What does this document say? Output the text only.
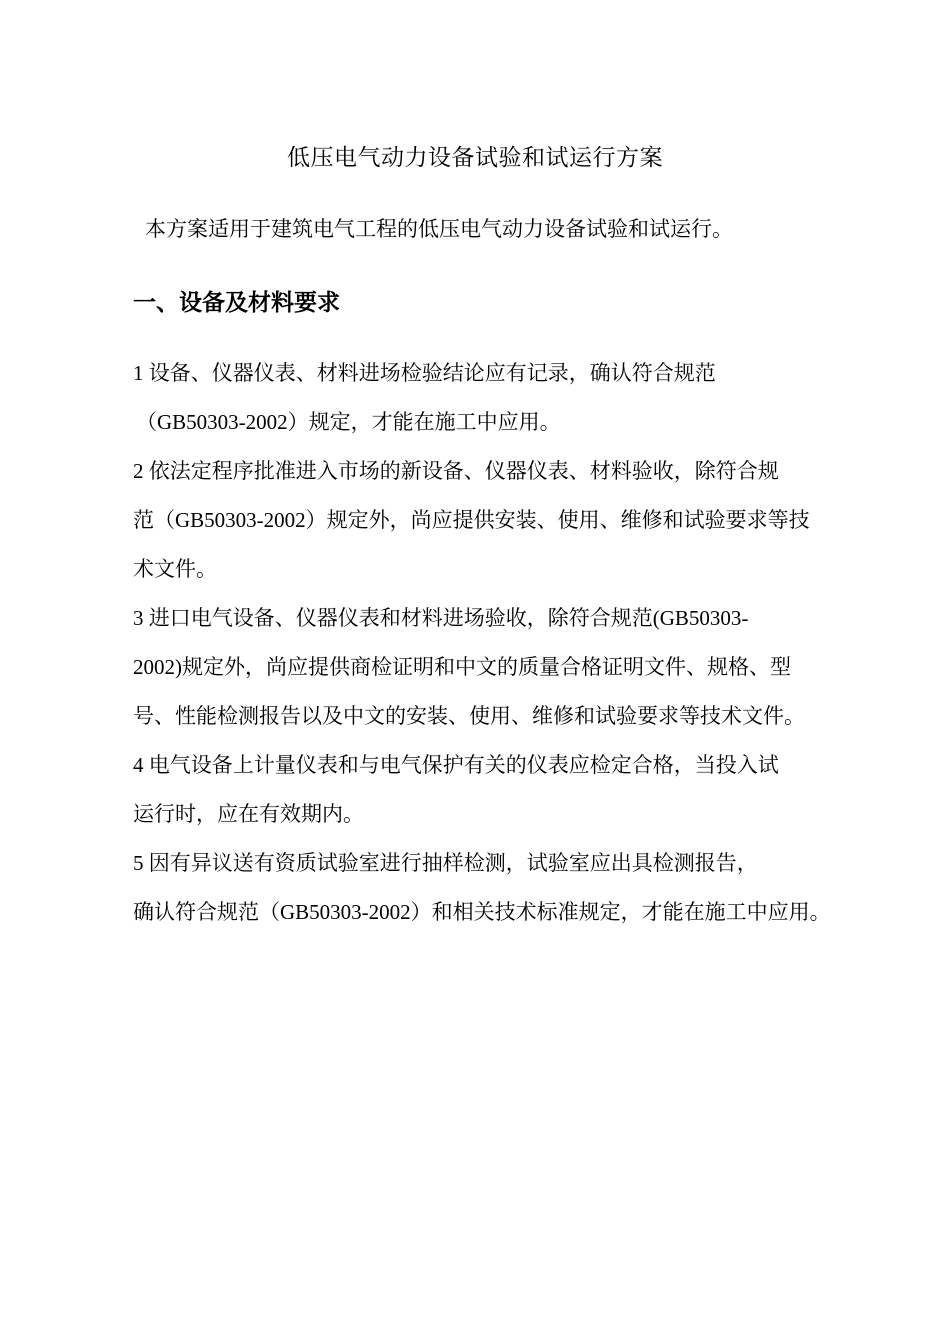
低压电气动力设备试验和试运行方案
本方案适用于建筑电气工程的低压电气动力设备试验和试运行。
一、设备及材料要求
1 设备、仪器仪表、材料进场检验结论应有记录，确认符合规范
（GB50303-2002）规定，才能在施工中应用。
2 依法定程序批准进入市场的新设备、仪器仪表、材料验收，除符合规
范（GB50303-2002）规定外，尚应提供安装、使用、维修和试验要求等技
术文件。
3 进口电气设备、仪器仪表和材料进场验收，除符合规范(GB50303-
2002)规定外，尚应提供商检证明和中文的质量合格证明文件、规格、型
号、性能检测报告以及中文的安装、使用、维修和试验要求等技术文件。
4 电气设备上计量仪表和与电气保护有关的仪表应检定合格，当投入试
运行时，应在有效期内。
5 因有异议送有资质试验室进行抽样检测，试验室应出具检测报告，
确认符合规范（GB50303-2002）和相关技术标准规定，才能在施工中应用。
